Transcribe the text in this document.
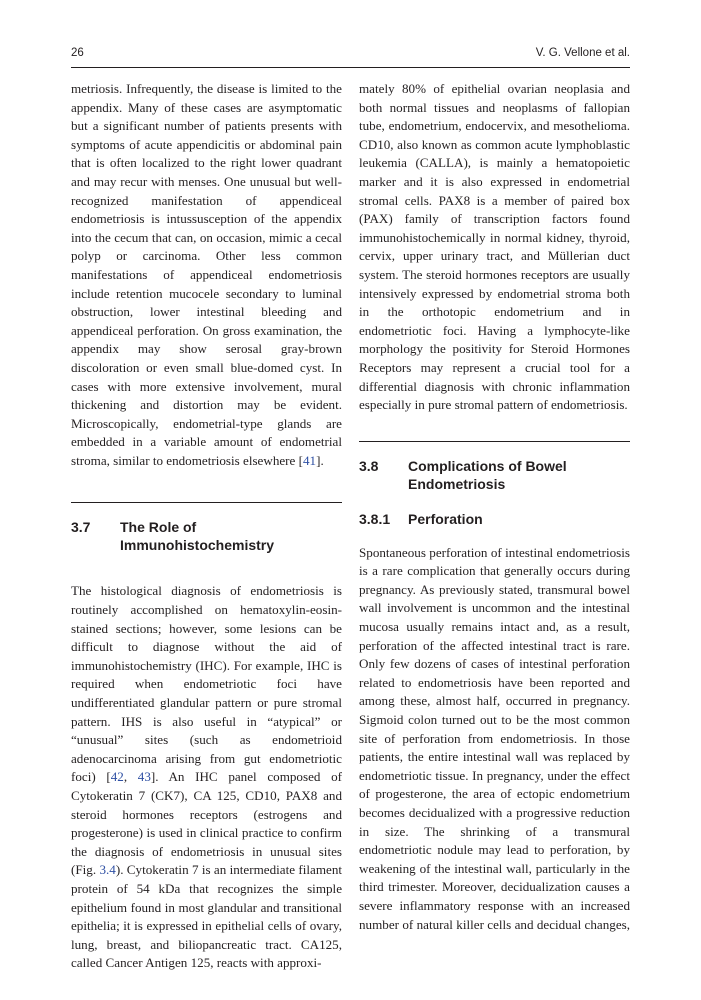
26	V. G. Vellone et al.

metriosis. Infrequently, the disease is limited to the appendix. Many of these cases are asymptomatic but a significant number of patients presents with symptoms of acute appendicitis or abdominal pain that is often localized to the right lower quadrant and may recur with menses. One unusual but well-recognized manifestation of appendiceal endometriosis is intussusception of the appendix into the cecum that can, on occasion, mimic a cecal polyp or carcinoma. Other less common manifestations of appendiceal endometriosis include retention mucocele secondary to luminal obstruction, lower intestinal bleeding and appendiceal perforation. On gross examination, the appendix may show serosal gray-brown discoloration or even small blue-domed cyst. In cases with more extensive involvement, mural thickening and distortion may be evident. Microscopically, endometrial-type glands are embedded in a variable amount of endometrial stroma, similar to endometriosis elsewhere [41].

3.7	The Role of Immunohistochemistry

The histological diagnosis of endometriosis is routinely accomplished on hematoxylin-eosin-stained sections; however, some lesions can be difficult to diagnose without the aid of immunohistochemistry (IHC). For example, IHC is required when endometriotic foci have undifferentiated glandular pattern or pure stromal pattern. IHS is also useful in “atypical” or “unusual” sites (such as endometrioid adenocarcinoma arising from gut endometriotic foci) [42, 43]. An IHC panel composed of Cytokeratin 7 (CK7), CA 125, CD10, PAX8 and steroid hormones receptors (estrogens and progesterone) is used in clinical practice to confirm the diagnosis of endometriosis in unusual sites (Fig. 3.4). Cytokeratin 7 is an intermediate filament protein of 54 kDa that recognizes the simple epithelium found in most glandular and transitional epithelia; it is expressed in epithelial cells of ovary, lung, breast, and biliopancreatic tract. CA125, called Cancer Antigen 125, reacts with approxi-

mately 80% of epithelial ovarian neoplasia and both normal tissues and neoplasms of fallopian tube, endometrium, endocervix, and mesothelioma. CD10, also known as common acute lymphoblastic leukemia (CALLA), is mainly a hematopoietic marker and it is also expressed in endometrial stromal cells. PAX8 is a member of paired box (PAX) family of transcription factors found immunohistochemically in normal kidney, thyroid, cervix, upper urinary tract, and Müllerian duct system. The steroid hormones receptors are usually intensively expressed by endometrial stroma both in the orthotopic endometrium and in endometriotic foci. Having a lymphocyte-like morphology the positivity for Steroid Hormones Receptors may represent a crucial tool for a differential diagnosis with chronic inflammation especially in pure stromal pattern of endometriosis.

3.8	Complications of Bowel Endometriosis
3.8.1	Perforation

Spontaneous perforation of intestinal endometriosis is a rare complication that generally occurs during pregnancy. As previously stated, transmural bowel wall involvement is uncommon and the intestinal mucosa usually remains intact and, as a result, perforation of the affected intestinal tract is rare. Only few dozens of cases of intestinal perforation related to endometriosis have been reported and among these, almost half, occurred in pregnancy. Sigmoid colon turned out to be the most common site of perforation from endometriosis. In those patients, the entire intestinal wall was replaced by endometriotic tissue. In pregnancy, under the effect of progesterone, the area of ectopic endometrium becomes decidualized with a progressive reduction in size. The shrinking of a transmural endometriotic nodule may lead to perforation, by weakening of the intestinal wall, particularly in the third trimester. Moreover, decidualization causes a severe inflammatory response with an increased number of natural killer cells and decidual changes,
